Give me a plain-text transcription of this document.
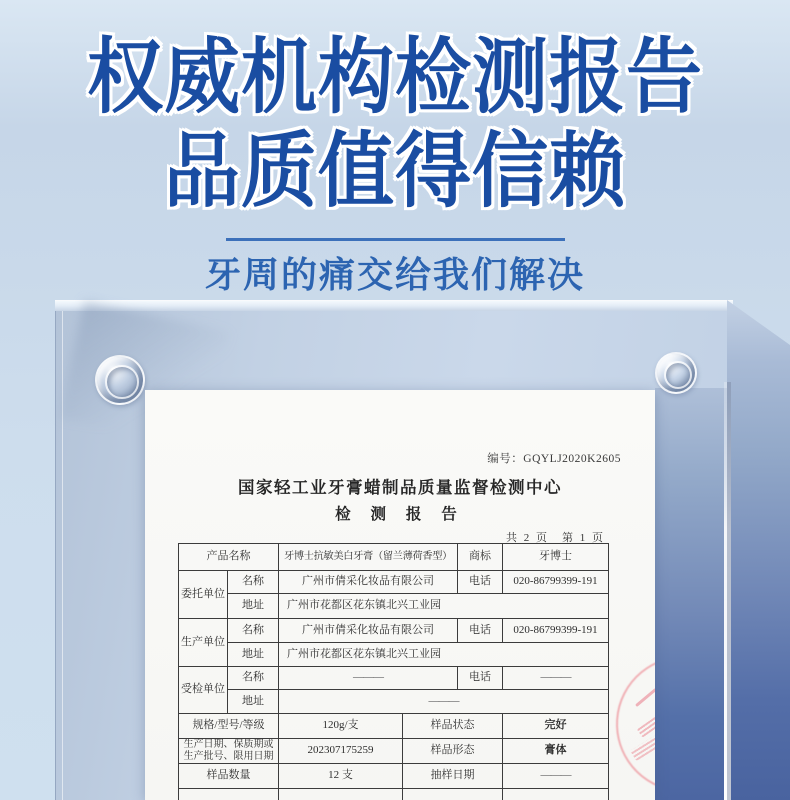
权威机构检测报告
品质值得信赖
牙周的痛交给我们解决
编号：GQYLJ2020K2605
国家轻工业牙膏蜡制品质量监督检测中心
检 测 报 告
共 2 页　第 1 页
产品名称		牙博士抗敏美白牙膏（留兰薄荷香型）	商标	牙博士
委托单位	名称	广州市倩采化妆品有限公司	电话	020-86799399-191
	地址	广州市花都区花东镇北兴工业园		
生产单位	名称	广州市倩采化妆品有限公司	电话	020-86799399-191
	地址	广州市花都区花东镇北兴工业园		
受检单位	名称	———	电话	———
	地址	———		
规格/型号/等级	120g/支	样品状态	完好
生产日期、保质期或生产批号、限用日期	202307175259	样品形态	膏体
样品数量	12 支	抽样日期	———
